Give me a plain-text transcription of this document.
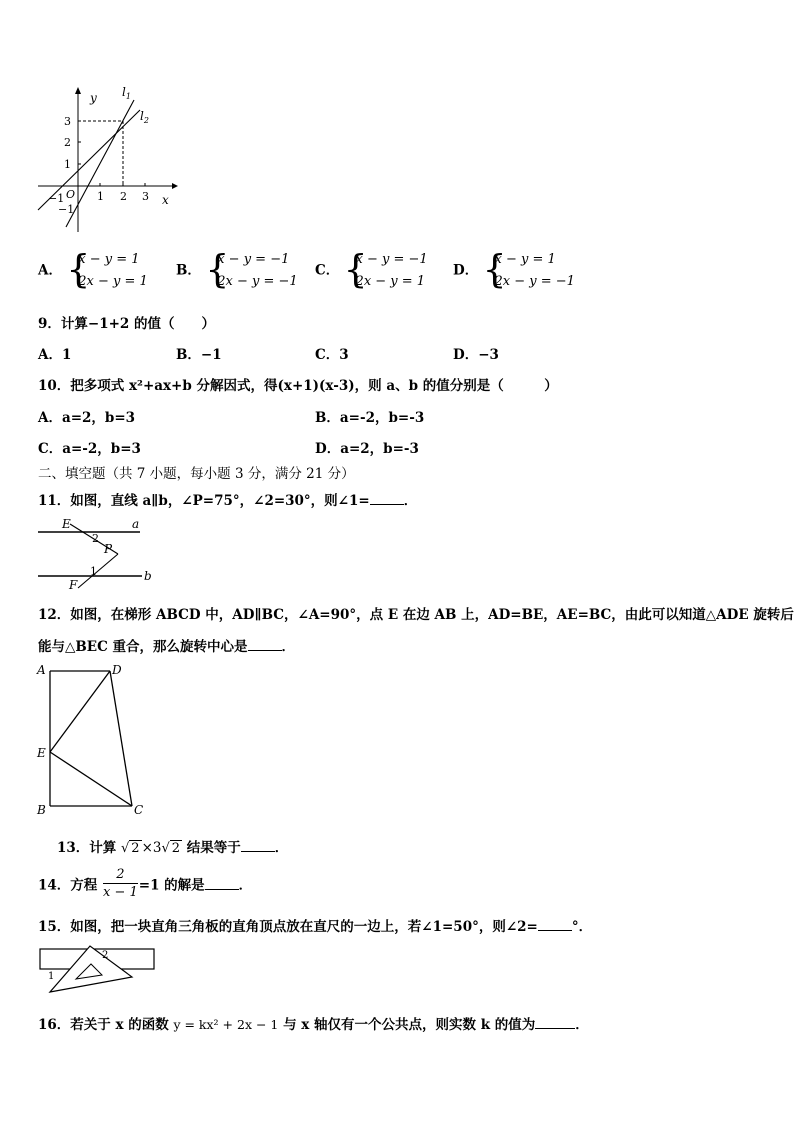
y
x
$l_1$
$l_2$
O
3
2
1
−1
−1	1 2 3
A． {
x − y = 1
2x − y = 1
B． {
x − y = −1
2x − y = −1
C． {
x − y = −1
2x − y = 1
D． {
x − y = 1
2x − y = −1
9．计算−1+2 的值（　　）
A．1	B．−1	C．3	D．−3
10．把多项式 x²+ax+b 分解因式，得(x+1)(x-3)，则 a、b 的值分别是（　　　）
A．a=2，b=3	B．a=-2，b=-3
C．a=-2，b=3	D．a=2，b=-3
二、填空题（共 7 小题，每小题 3 分，满分 21 分）
11．如图，直线 a∥b，∠P=75°，∠2=30°，则∠1=	．
E	a
2
P
1
F
b
12．如图，在梯形 ABCD 中，AD∥BC，∠A=90°，点 E 在边 AB 上，AD=BE，AE=BC，由此可以知道△ADE 旋转后
能与△BEC 重合，那么旋转中心是	．
A	D
E
B	C
13．计算 √ 2 ×3√ 2 结果等于	．
14．方程 $\frac{2}{x - 1} =1$ 的解是	．
15．如图，把一块直角三角板的直角顶点放在直尺的一边上，若∠1=50°，则∠2=	°．
2
1
16．若关于 x 的函数 y = kx² + 2x − 1 与 x 轴仅有一个公共点，则实数 k 的值为	．
